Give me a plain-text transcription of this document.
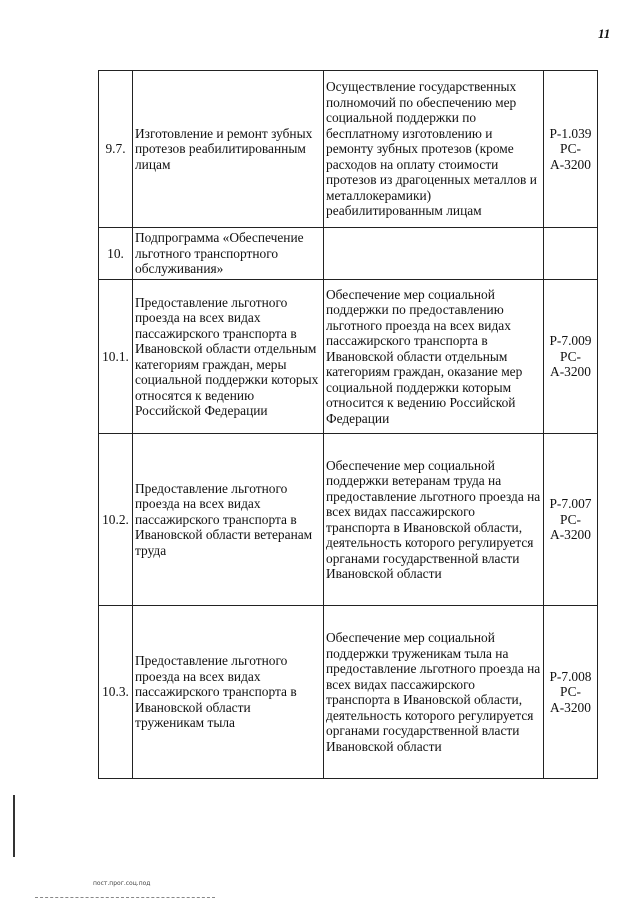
11
9.7.	Изготовление и ремонт зубных протезов реабилитированным лицам	Осуществление государственных полномочий по обеспечению мер социальной поддержки по бесплатному изготовлению и ремонту зубных протезов (кроме расходов на оплату стоимости протезов из драгоценных металлов и металлокерамики) реабилитированным лицам	Р-1.039 РС-А-3200
10.	Подпрограмма «Обеспечение льготного транспортного обслуживания»		
10.1.	Предоставление льготного проезда на всех видах пассажирского транспорта в Ивановской области отдельным категориям граждан, меры социальной поддержки которых относятся к ведению Российской Федерации	Обеспечение мер социальной поддержки по предоставлению льготного проезда на всех видах пассажирского транспорта в Ивановской области отдельным категориям граждан, оказание мер социальной поддержки которым относится к ведению Российской Федерации	Р-7.009 РС-А-3200
10.2.	Предоставление льготного проезда на всех видах пассажирского транспорта в Ивановской области ветеранам труда	Обеспечение мер социальной поддержки ветеранам труда на предоставление льготного проезда на всех видах пассажирского транспорта в Ивановской области, деятельность которого регулируется органами государственной власти Ивановской области	Р-7.007 РС-А-3200
10.3.	Предоставление льготного проезда на всех видах пассажирского транспорта в Ивановской области труженикам тыла	Обеспечение мер социальной поддержки труженикам тыла на предоставление льготного проезда на всех видах пассажирского транспорта в Ивановской области, деятельность которого регулируется органами государственной власти Ивановской области	Р-7.008 РС-А-3200
пост.прог.соц.под
